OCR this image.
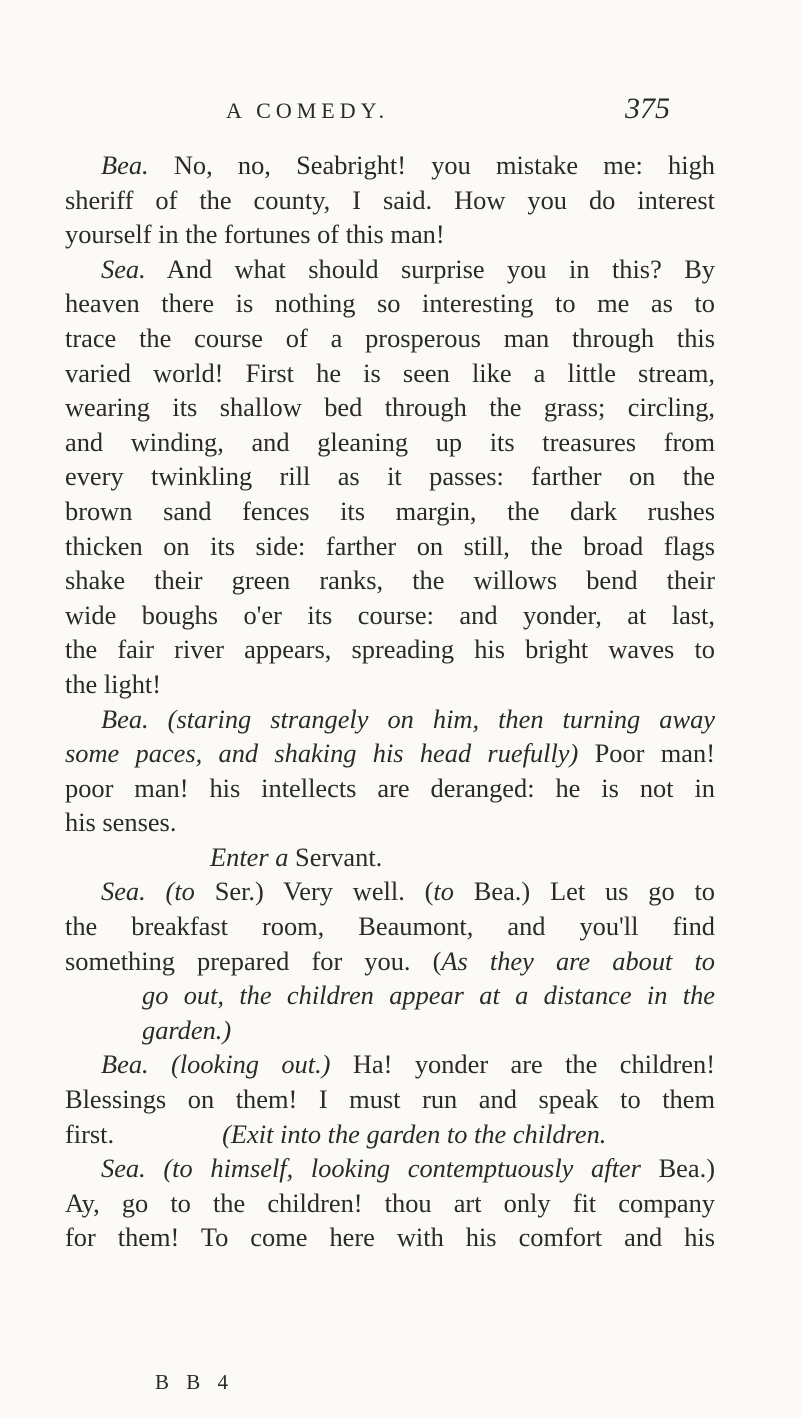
A COMEDY.	375
Bea. No, no, Seabright! you mistake me: high
sheriff of the county, I said. How you do interest
yourself in the fortunes of this man!
Sea. And what should surprise you in this? By
heaven there is nothing so interesting to me as to
trace the course of a prosperous man through this
varied world! First he is seen like a little stream,
wearing its shallow bed through the grass; circling,
and winding, and gleaning up its treasures from
every twinkling rill as it passes: farther on the
brown sand fences its margin, the dark rushes
thicken on its side: farther on still, the broad flags
shake their green ranks, the willows bend their
wide boughs o'er its course: and yonder, at last,
the fair river appears, spreading his bright waves to
the light!
Bea. (staring strangely on him, then turning away
some paces, and shaking his head ruefully) Poor man!
poor man! his intellects are deranged: he is not in
his senses.
Enter a Servant.
Sea. (to Ser.) Very well. (to Bea.) Let us go to
the breakfast room, Beaumont, and you'll find
something prepared for you. (As they are about to
go out, the children appear at a distance in the
garden.)
Bea. (looking out.) Ha! yonder are the children!
Blessings on them! I must run and speak to them
first.	(Exit into the garden to the children.
Sea. (to himself, looking contemptuously after Bea.)
Ay, go to the children! thou art only fit company
for them! To come here with his comfort and his
B B 4
